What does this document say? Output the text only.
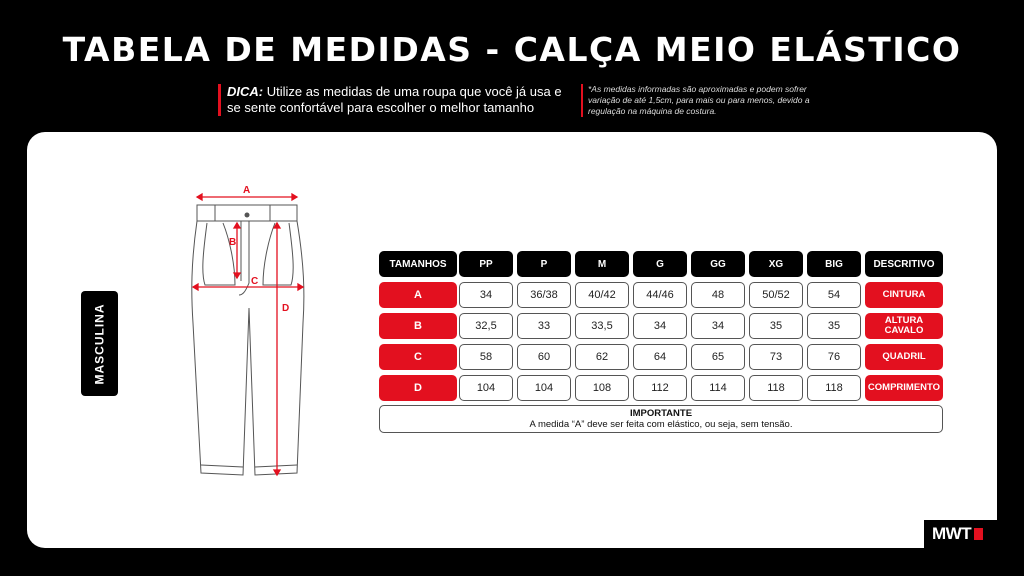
TABELA DE MEDIDAS - CALÇA MEIO ELÁSTICO
DICA: Utilize as medidas de uma roupa que você já usa e se sente confortável para escolher o melhor tamanho
*As medidas informadas são aproximadas e podem sofrer variação de até 1,5cm, para mais ou para menos, devido a regulação na máquina de costura.
MASCULINA
A
B
C
D
TAMANHOS	PP	P	M	G	GG	XG	BIG	DESCRITIVO
A	34	36/38	40/42	44/46	48	50/52	54	CINTURA
B	32,5	33	33,5	34	34	35	35	ALTURA CAVALO
C	58	60	62	64	65	73	76	QUADRIL
D	104	104	108	112	114	118	118	COMPRIMENTO
IMPORTANTE
A medida “A” deve ser feita com elástico, ou seja, sem tensão.
MWT
